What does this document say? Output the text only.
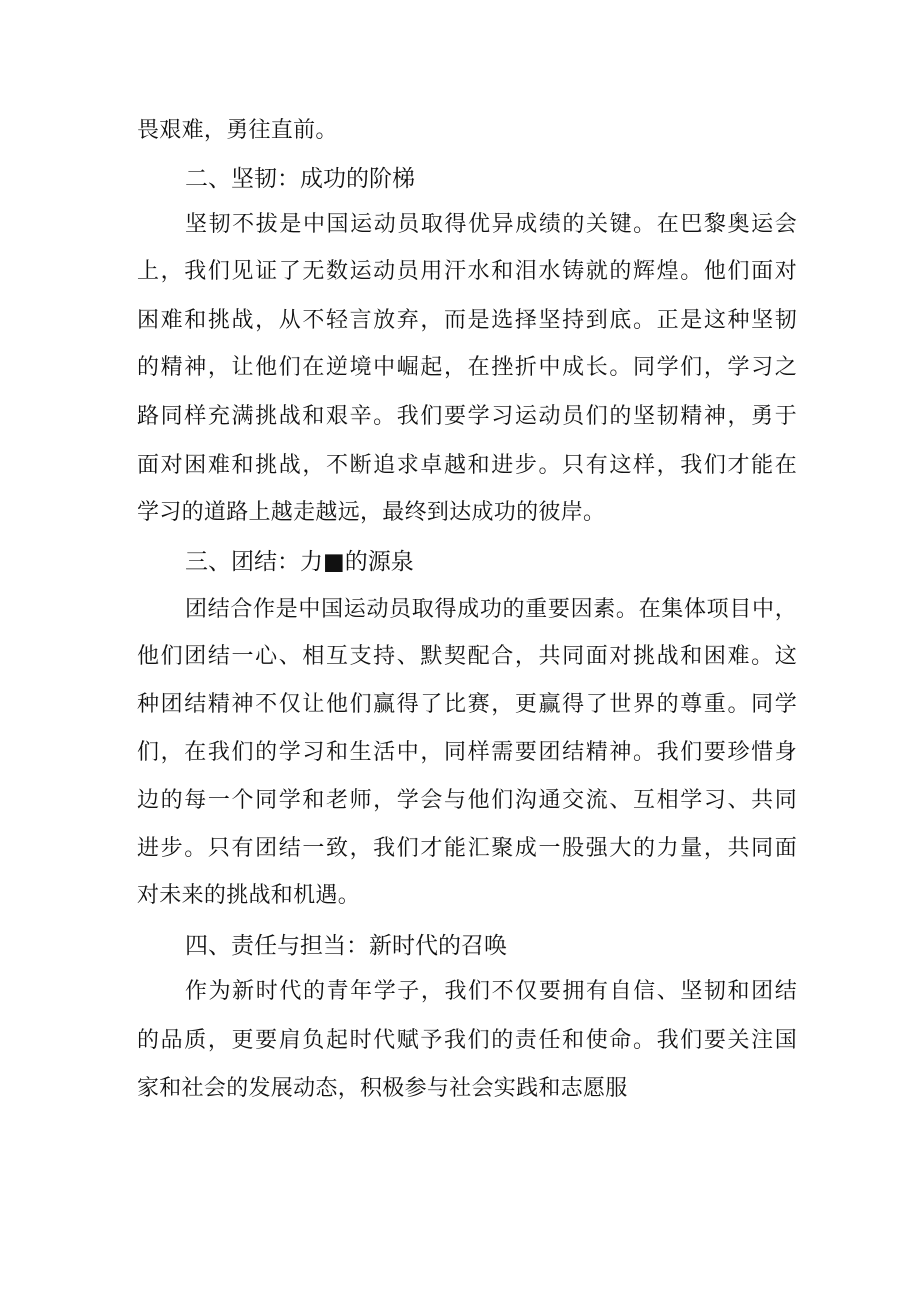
畏艰难，勇往直前。
二、坚韧：成功的阶梯
坚韧不拔是中国运动员取得优异成绩的关键。在巴黎奥运会
上，我们见证了无数运动员用汗水和泪水铸就的辉煌。他们面对
困难和挑战，从不轻言放弃，而是选择坚持到底。正是这种坚韧
的精神，让他们在逆境中崛起，在挫折中成长。同学们，学习之
路同样充满挑战和艰辛。我们要学习运动员们的坚韧精神，勇于
面对困难和挑战，不断追求卓越和进步。只有这样，我们才能在
学习的道路上越走越远，最终到达成功的彼岸。
三、团结：力■的源泉
团结合作是中国运动员取得成功的重要因素。在集体项目中，
他们团结一心、相互支持、默契配合，共同面对挑战和困难。这
种团结精神不仅让他们赢得了比赛，更赢得了世界的尊重。同学
们，在我们的学习和生活中，同样需要团结精神。我们要珍惜身
边的每一个同学和老师，学会与他们沟通交流、互相学习、共同
进步。只有团结一致，我们才能汇聚成一股强大的力量，共同面
对未来的挑战和机遇。
四、责任与担当：新时代的召唤
作为新时代的青年学子，我们不仅要拥有自信、坚韧和团结
的品质，更要肩负起时代赋予我们的责任和使命。我们要关注国
家和社会的发展动态，积极参与社会实践和志愿服
